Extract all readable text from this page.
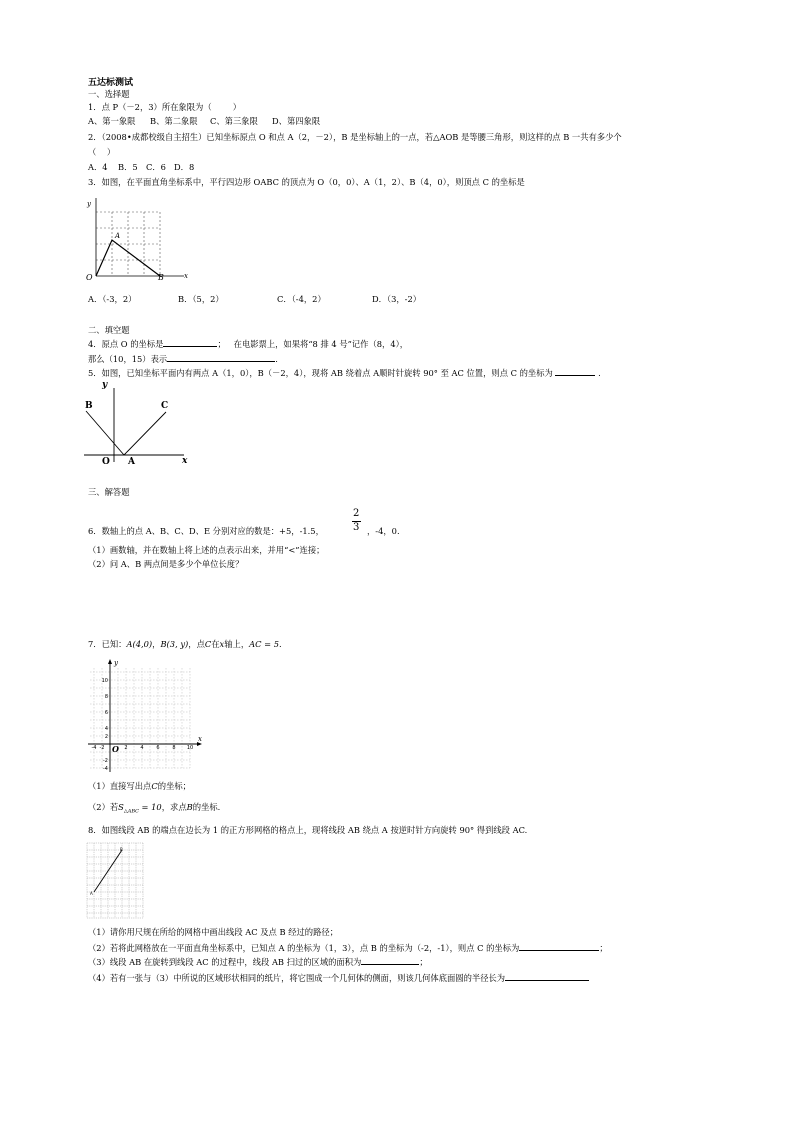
五达标测试
一、选择题
1．点 P（－2，3）所在象限为（        ）
A、第一象限 B、第二象限 C、第三象限 D、第四象限
2．（2008•成都校级自主招生）已知坐标原点 O 和点 A（2，－2），B 是坐标轴上的一点，若△AOB 是等腰三角形，则这样的点 B 一共有多少个
（    ）
A．4 B．5 C．6 D．8
3．如图，在平面直角坐标系中，平行四边形 OABC 的顶点为 O（0，0）、A（1，2）、B（4，0），则顶点 C 的坐标是
y
x
O
A
B
A．（-3，2）	B．（5，2）	C．（-4，2）	D．（3，-2）
二、填空题
4．原点 O 的坐标是	；   在电影票上，如果将“8 排 4 号”记作（8，4），
那么（10，15）表示	.
5．如图，已知坐标平面内有两点 A（1，0），B（－2，4），现将 AB 绕着点 A顺时针旋转 90° 至 AC 位置，则点 C 的坐标为	.
y
x
O A
B	C
三、解答题
2
3
6．数轴上的点 A、B、C、D、E 分别对应的数是：+5，-1.5，	，-4，0.
（1）画数轴，并在数轴上将上述的点表示出来，并用“<”连接；
（2）问 A、B 两点间是多少个单位长度？
7．已知：A(4,0)，B(3, y)，点C在x轴上，AC = 5.
y
x
O
10
8
6
4
2
-2
-4
-4 -2	2	4	6	8 10
（1）直接写出点C的坐标；
（2）若$S_{\triangle ABC} = 10$，求点B的坐标.
8．如图线段 AB 的端点在边长为 1 的正方形网格的格点上，现将线段 AB 绕点 A 按逆时针方向旋转 90° 得到线段 AC.
B
A
（1）请你用尺规在所给的网格中画出线段 AC 及点 B 经过的路径；
（2）若将此网格放在一平面直角坐标系中，已知点 A 的坐标为（1，3），点 B 的坐标为（-2，-1），则点 C 的坐标为	；
（3）线段 AB 在旋转到线段 AC 的过程中，线段 AB 扫过的区域的面积为	；
（4）若有一张与（3）中所说的区域形状相同的纸片，将它围成一个几何体的侧面，则该几何体底面圆的半径长为
